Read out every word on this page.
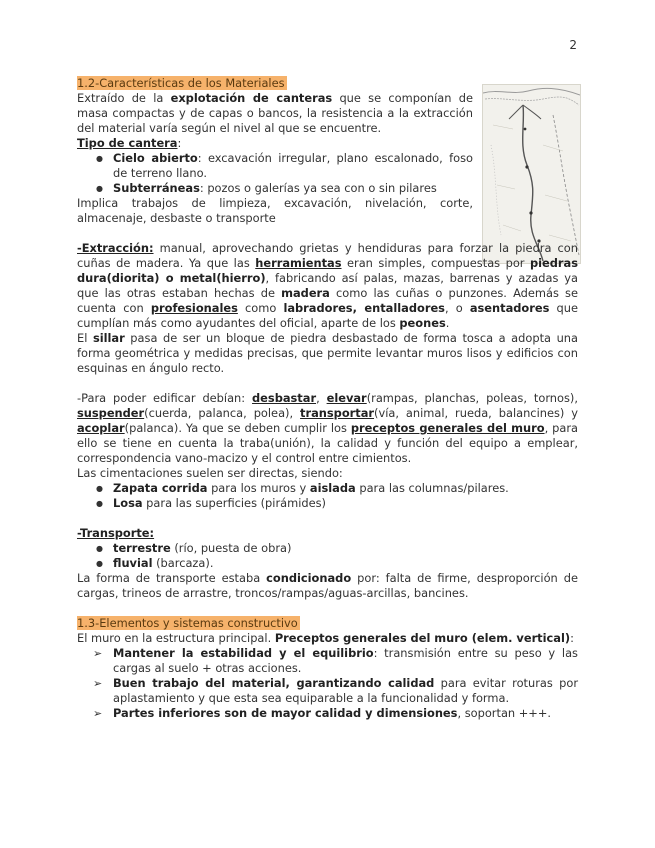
2
1.2-Características de los Materiales

Extraído de la explotación de canteras que se componían de masa compactas y de capas o bancos, la resistencia a la extracción del material varía según el nivel al que se encuentre.

Tipo de cantera:

● Cielo abierto: excavación irregular, plano escalonado, foso de terreno llano.
● Subterráneas: pozos o galerías ya sea con o sin pilares

Implica trabajos de limpieza, excavación, nivelación, corte, almacenaje, desbaste o transporte

-Extracción: manual, aprovechando grietas y hendiduras para forzar la piedra con cuñas de madera. Ya que las herramientas eran simples, compuestas por piedras dura(diorita) o metal(hierro), fabricando así palas, mazas, barrenas y azadas ya que las otras estaban hechas de madera como las cuñas o punzones. Además se cuenta con profesionales como labradores, entalladores, o asentadores que cumplían más como ayudantes del oficial, aparte de los peones.

El sillar pasa de ser un bloque de piedra desbastado de forma tosca a adopta una forma geométrica y medidas precisas, que permite levantar muros lisos y edificios con esquinas en ángulo recto.

-Para poder edificar debían: desbastar, elevar(rampas, planchas, poleas, tornos), suspender(cuerda, palanca, polea), transportar(vía, animal, rueda, balancines) y acoplar(palanca). Ya que se deben cumplir los preceptos generales del muro, para ello se tiene en cuenta la traba(unión), la calidad y función del equipo a emplear, correspondencia vano-macizo y el control entre cimientos.

Las cimentaciones suelen ser directas, siendo:

● Zapata corrida para los muros y aislada para las columnas/pilares.
● Losa para las superficies (pirámides)

-Transporte:

● terrestre (río, puesta de obra)
● fluvial (barcaza).

La forma de transporte estaba condicionado por: falta de firme, desproporción de cargas, trineos de arrastre, troncos/rampas/aguas-arcillas, bancines.

1.3-Elementos y sistemas constructivo

El muro en la estructura principal. Preceptos generales del muro (elem. vertical):

➢ Mantener la estabilidad y el equilibrio: transmisión entre su peso y las cargas al suelo + otras acciones.
➢ Buen trabajo del material, garantizando calidad para evitar roturas por aplastamiento y que esta sea equiparable a la funcionalidad y forma.
➢ Partes inferiores son de mayor calidad y dimensiones, soportan +++.
